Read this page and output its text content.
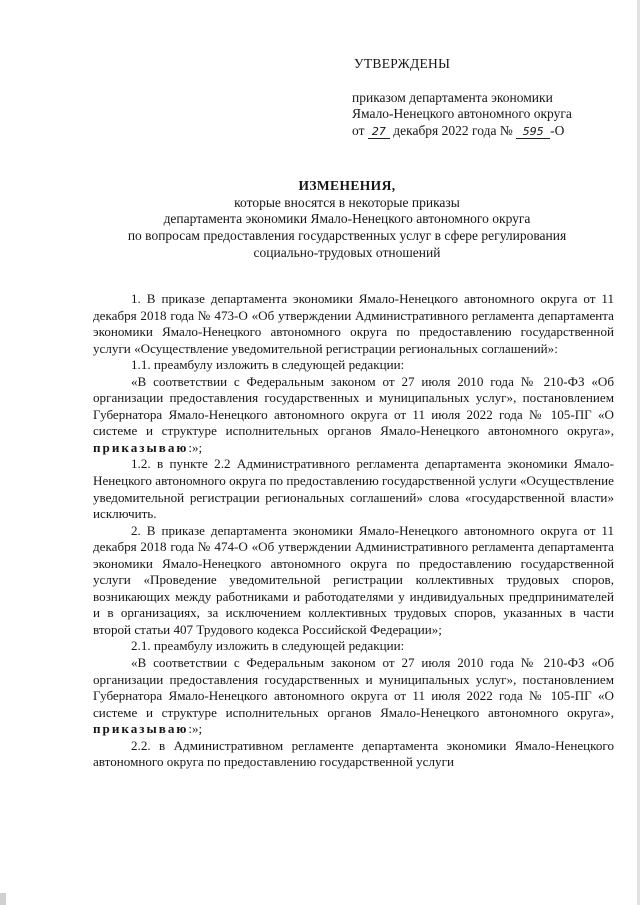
УТВЕРЖДЕНЫ
приказом департамента экономики
Ямало-Ненецкого автономного округа
от 27 декабря 2022 года № 595 -О
ИЗМЕНЕНИЯ,
которые вносятся в некоторые приказы
департамента экономики Ямало-Ненецкого автономного округа
по вопросам предоставления государственных услуг в сфере регулирования
социально-трудовых отношений

1. В приказе департамента экономики Ямало-Ненецкого автономного округа от 11 декабря 2018 года № 473-О «Об утверждении Административного регламента департамента экономики Ямало-Ненецкого автономного округа по предоставлению государственной услуги «Осуществление уведомительной регистрации региональных соглашений»:

1.1. преамбулу изложить в следующей редакции:

«В соответствии с Федеральным законом от 27 июля 2010 года № 210-ФЗ «Об организации предоставления государственных и муниципальных услуг», постановлением Губернатора Ямало-Ненецкого автономного округа от 11 июля 2022 года № 105-ПГ «О системе и структуре исполнительных органов Ямало-Ненецкого автономного округа», приказываю:»;

1.2. в пункте 2.2 Административного регламента департамента экономики Ямало-Ненецкого автономного округа по предоставлению государственной услуги «Осуществление уведомительной регистрации региональных соглашений» слова «государственной власти» исключить.

2. В приказе департамента экономики Ямало-Ненецкого автономного округа от 11 декабря 2018 года № 474-О «Об утверждении Административного регламента департамента экономики Ямало-Ненецкого автономного округа по предоставлению государственной услуги «Проведение уведомительной регистрации коллективных трудовых споров, возникающих между работниками и работодателями у индивидуальных предпринимателей и в организациях, за исключением коллективных трудовых споров, указанных в части второй статьи 407 Трудового кодекса Российской Федерации»;

2.1. преамбулу изложить в следующей редакции:

«В соответствии с Федеральным законом от 27 июля 2010 года № 210-ФЗ «Об организации предоставления государственных и муниципальных услуг», постановлением Губернатора Ямало-Ненецкого автономного округа от 11 июля 2022 года № 105-ПГ «О системе и структуре исполнительных органов Ямало-Ненецкого автономного округа», приказываю:»;

2.2. в Административном регламенте департамента экономики Ямало-Ненецкого автономного округа по предоставлению государственной услуги
